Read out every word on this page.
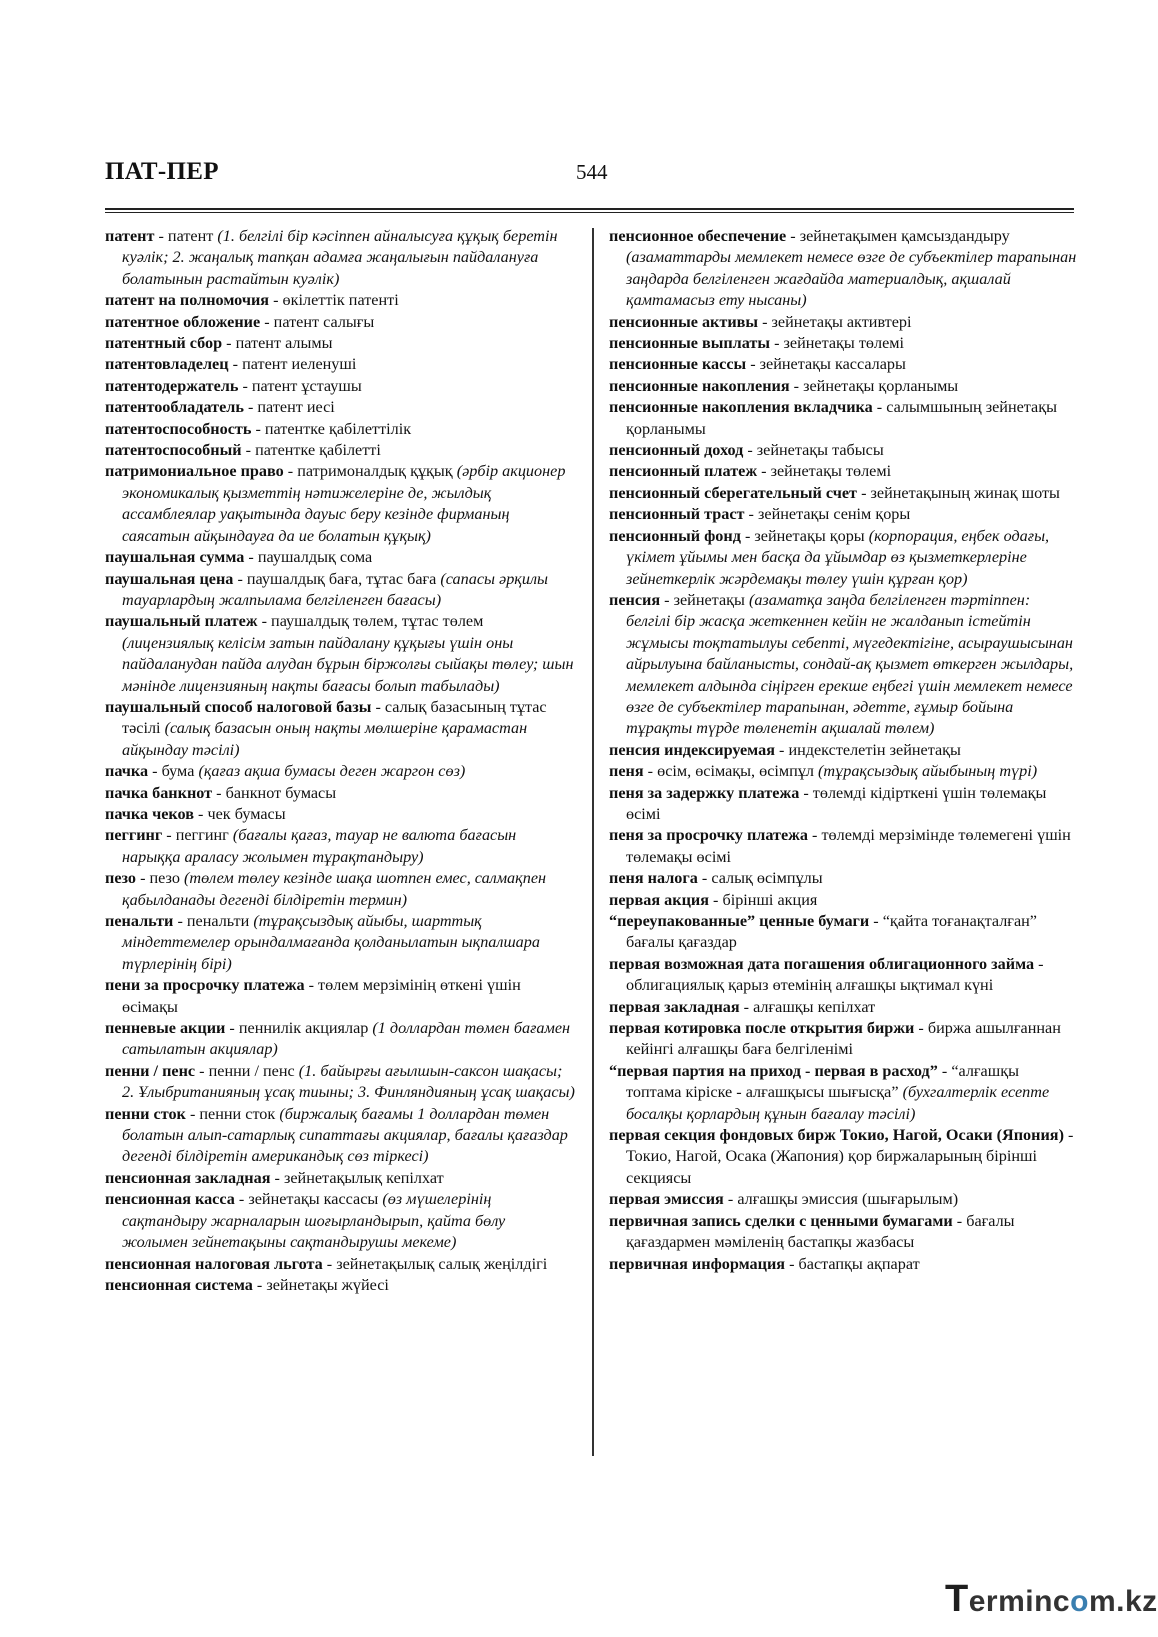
ПАТ-ПЕР	544

патент - патент (1. белгілі бір кәсіппен айналысуға құқық беретін куәлік; 2. жаңалық тапқан адамға жаңалығын пайдалануға болатынын растайтын куәлік)

патент на полномочия - өкілеттік патенті

патентное обложение - патент салығы

патентный сбор - патент алымы

патентовладелец - патент иеленуші

патентодержатель - патент ұстаушы

патентообладатель - патент иесі

патентоспособность - патентке қабілеттілік

патентоспособный - патентке қабілетті

патримониальное право - патримоналдық құқық (әрбір акционер экономикалық қызметтің нәтижелеріне де, жылдық ассамблеялар уақытында дауыс беру кезінде фирманың саясатын айқындауға да ие болатын құқық)

паушальная сумма - паушалдық сома

паушальная цена - паушалдық баға, тұтас баға (сапасы әрқилы тауарлардың жалпылама белгіленген бағасы)

паушальный платеж - паушалдық төлем, тұтас төлем (лицензиялық келісім затын пайдалану құқығы үшін оны пайдаланудан пайда алудан бұрын біржолғы сыйақы төлеу; шын мәнінде лицензияның нақты бағасы болып табылады)

паушальный способ налоговой базы - салық базасының тұтас тәсілі (салық базасын оның нақты мөлшеріне қарамастан айқындау тәсілі)

пачка - бума (қағаз ақша бумасы деген жаргон сөз)

пачка банкнот - банкнот бумасы

пачка чеков - чек бумасы

пеггинг - пеггинг (бағалы қағаз, тауар не валюта бағасын нарыққа араласу жолымен тұрақтандыру)

пезо - пезо (төлем төлеу кезінде шақа шотпен емес, салмақпен қабылданады дегенді білдіретін термин)

пенальти - пенальти (тұрақсыздық айыбы, шарттық міндеттемелер орындалмағанда қолданылатын ықпалшара түрлерінің бірі)

пени за просрочку платежа - төлем мерзімінің өткені үшін өсімақы

пенневые акции - пеннилік акциялар (1 доллардан төмен бағамен сатылатын акциялар)

пенни / пенс - пенни / пенс (1. байырғы ағылшын-саксон шақасы; 2. Ұлыбританияның ұсақ тиыны; 3. Финляндияның ұсақ шақасы)

пенни сток - пенни сток (биржалық бағамы 1 доллардан төмен болатын алып-сатарлық сипаттағы акциялар, бағалы қағаздар дегенді білдіретін американдық сөз тіркесі)

пенсионная закладная - зейнетақылық кепілхат

пенсионная касса - зейнетақы кассасы (өз мүшелерінің сақтандыру жарналарын шоғырландырып, қайта бөлу жолымен зейнетақыны сақтандырушы мекеме)

пенсионная налоговая льгота - зейнетақылық салық жеңілдігі

пенсионная система - зейнетақы жүйесі

пенсионное обеспечение - зейнетақымен қамсыздандыру (азаматтарды мемлекет немесе өзге де субъектілер тарапынан заңдарда белгіленген жағдайда материалдық, ақшалай қамтамасыз ету нысаны)

пенсионные активы - зейнетақы активтері

пенсионные выплаты - зейнетақы төлемі

пенсионные кассы - зейнетақы кассалары

пенсионные накопления - зейнетақы қорланымы

пенсионные накопления вкладчика - салымшының зейнетақы қорланымы

пенсионный доход - зейнетақы табысы

пенсионный платеж - зейнетақы төлемі

пенсионный сберегательный счет - зейнетақының жинақ шоты

пенсионный траст - зейнетақы сенім қоры

пенсионный фонд - зейнетақы қоры (корпорация, еңбек одағы, үкімет ұйымы мен басқа да ұйымдар өз қызметкерлеріне зейнеткерлік жәрдемақы төлеу үшін құрған қор)

пенсия - зейнетақы (азаматқа заңда белгіленген тәртіппен: белгілі бір жасқа жеткеннен кейін не жалданып істейтін жұмысы тоқтатылуы себепті, мүгедектігіне, асыраушысынан айрылуына байланысты, сондай-ақ қызмет өткерген жылдары, мемлекет алдында сіңірген ерекше еңбегі үшін мемлекет немесе өзге де субъектілер тарапынан, әдетте, ғұмыр бойына тұрақты түрде төленетін ақшалай төлем)

пенсия индексируемая - индекстелетін зейнетақы

пеня - өсім, өсімақы, өсімпұл (тұрақсыздық айыбының түрі)

пеня за задержку платежа - төлемді кідірткені үшін төлемақы өсімі

пеня за просрочку платежа - төлемді мерзімінде төлемегені үшін төлемақы өсімі

пеня налога - салық өсімпұлы

первая акция - бірінші акция

“переупакованные” ценные бумаги - “қайта тоғанақталған” бағалы қағаздар

первая возможная дата погашения облигационного займа - облигациялық қарыз өтемінің алғашқы ықтимал күні

первая закладная - алғашқы кепілхат

первая котировка после открытия биржи - биржа ашылғаннан кейінгі алғашқы баға белгіленімі

“первая партия на приход - первая в расход” - “алғашқы топтама кіріске - алғашқысы шығысқа” (бухгалтерлік есепте босалқы қорлардың құнын бағалау тәсілі)

первая секция фондовых бирж Токио, Нагой, Осаки (Япония) - Токио, Нагой, Осака (Жапония) қор биржаларының бірінші секциясы

первая эмиссия - алғашқы эмиссия (шығарылым)

первичная запись сделки с ценными бумагами - бағалы қағаздармен мәміленің бастапқы жазбасы

первичная информация - бастапқы ақпарат

Termincom.kz
